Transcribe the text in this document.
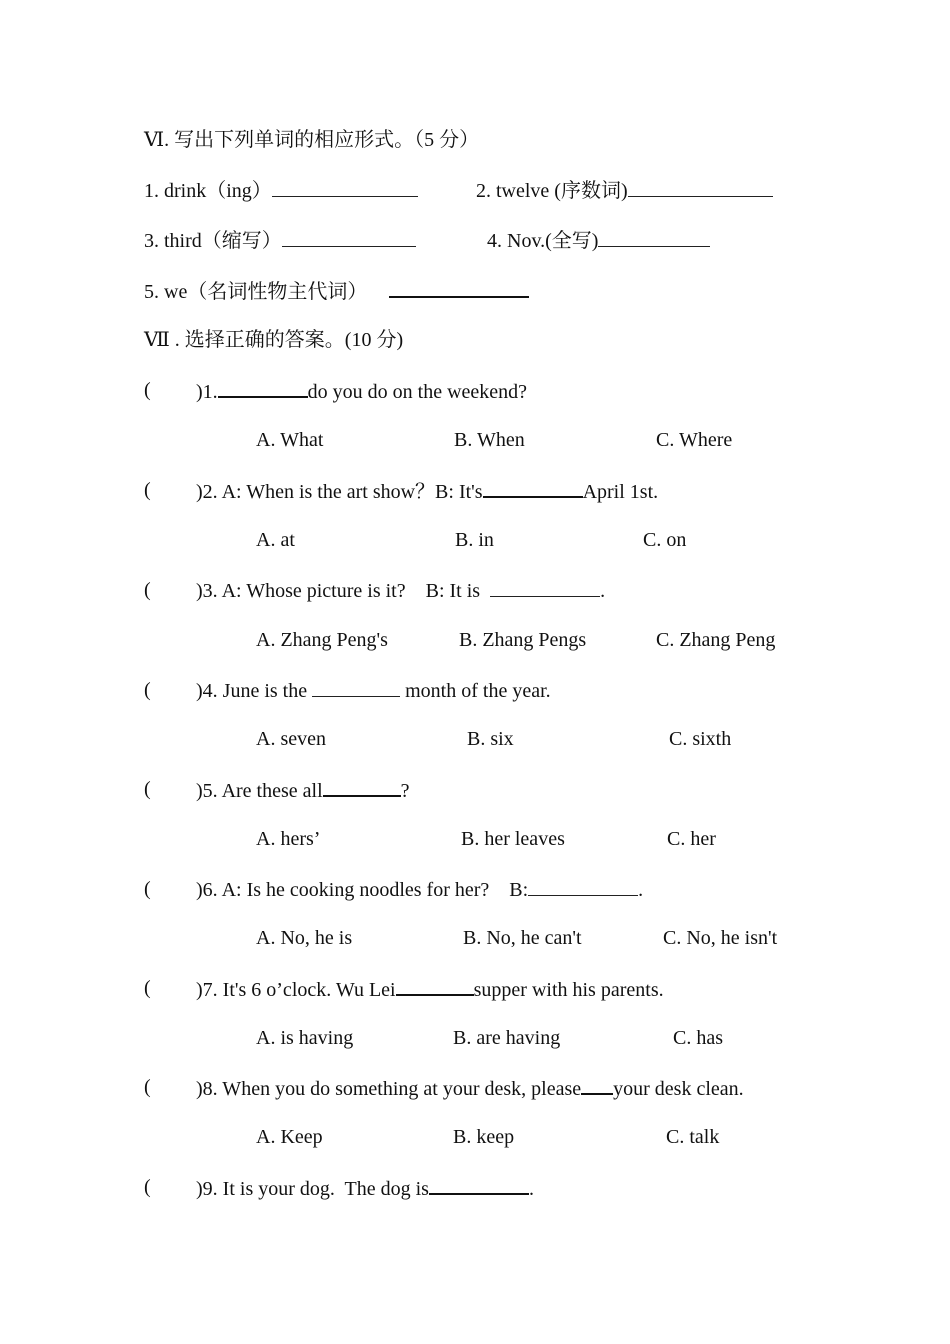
Ⅵ. 写出下列单词的相应形式。（5 分）

1. drink（ing）

	2. twelve (序数词)

3. third（缩写）

	4. Nov.(全写)

5. we（名词性物主代词）

Ⅶ . 选择正确的答案。(10 分)

(

)1.	do you do on the weekend?

A. What

	B. When

	C. Where

(

)2. A: When is the art show？B: It's	April 1st.

A. at

	B. in

	C. on

(

)3. A: Whose picture is it?    B: It is	.

A. Zhang Peng's

	B. Zhang Pengs

	C. Zhang Peng

(

)4. June is the	month of the year.

A. seven

	B. six

	C. sixth

(

)5. Are these all	?

A. hers’

	B. her leaves

	C. her

(

)6. A: Is he cooking noodles for her?    B:	.

A. No, he is

	B. No, he can't

	C. No, he isn't

(

)7. It's 6 o’clock. Wu Lei	supper with his parents.

A. is having

	B. are having

	C. has

(

)8. When you do something at your desk, please your desk clean.

A. Keep

	B. keep

	C. talk

(

)9. It is your dog.  The dog is	.
